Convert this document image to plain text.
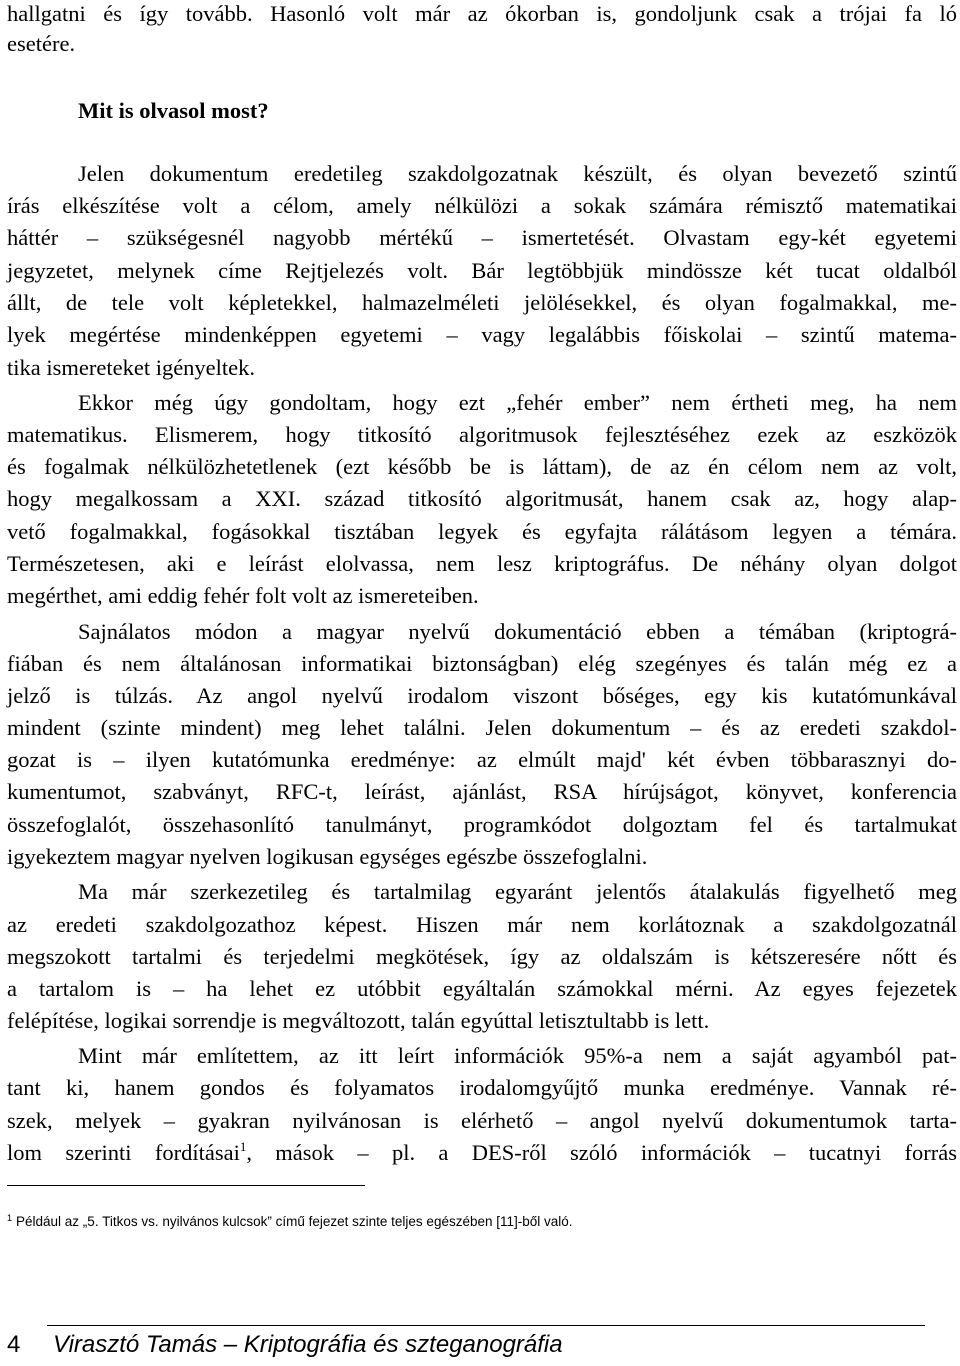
hallgatni és így tovább. Hasonló volt már az ókorban is, gondoljunk csak a trójai fa ló
esetére.
Mit is olvasol most?
Jelen dokumentum eredetileg szakdolgozatnak készült, és olyan bevezető szintű
írás elkészítése volt a célom, amely nélkülözi a sokak számára rémisztő matematikai
háttér – szükségesnél nagyobb mértékű – ismertetését. Olvastam egy-két egyetemi
jegyzetet, melynek címe Rejtjelezés volt. Bár legtöbbjük mindössze két tucat oldalból
állt, de tele volt képletekkel, halmazelméleti jelölésekkel, és olyan fogalmakkal, me-
lyek megértése mindenképpen egyetemi – vagy legalábbis főiskolai – szintű matema-
tika ismereteket igényeltek.
Ekkor még úgy gondoltam, hogy ezt „fehér ember” nem értheti meg, ha nem
matematikus. Elismerem, hogy titkosító algoritmusok fejlesztéséhez ezek az eszközök
és fogalmak nélkülözhetetlenek (ezt később be is láttam), de az én célom nem az volt,
hogy megalkossam a XXI. század titkosító algoritmusát, hanem csak az, hogy alap-
vető fogalmakkal, fogásokkal tisztában legyek és egyfajta rálátásom legyen a témára.
Természetesen, aki e leírást elolvassa, nem lesz kriptográfus. De néhány olyan dolgot
megérthet, ami eddig fehér folt volt az ismereteiben.
Sajnálatos módon a magyar nyelvű dokumentáció ebben a témában (kriptográ-
fiában és nem általánosan informatikai biztonságban) elég szegényes és talán még ez a
jelző is túlzás. Az angol nyelvű irodalom viszont bőséges, egy kis kutatómunkával
mindent (szinte mindent) meg lehet találni. Jelen dokumentum – és az eredeti szakdol-
gozat is – ilyen kutatómunka eredménye: az elmúlt majd' két évben többarasznyi do-
kumentumot, szabványt, RFC-t, leírást, ajánlást, RSA hírújságot, könyvet, konferencia
összefoglalót, összehasonlító tanulmányt, programkódot dolgoztam fel és tartalmukat
igyekeztem magyar nyelven logikusan egységes egészbe összefoglalni.
Ma már szerkezetileg és tartalmilag egyaránt jelentős átalakulás figyelhető meg
az eredeti szakdolgozathoz képest. Hiszen már nem korlátoznak a szakdolgozatnál
megszokott tartalmi és terjedelmi megkötések, így az oldalszám is kétszeresére nőtt és
a tartalom is – ha lehet ez utóbbit egyáltalán számokkal mérni. Az egyes fejezetek
felépítése, logikai sorrendje is megváltozott, talán egyúttal letisztultabb is lett.
Mint már említettem, az itt leírt információk 95%-a nem a saját agyamból pat-
tant ki, hanem gondos és folyamatos irodalomgyűjtő munka eredménye. Vannak ré-
szek, melyek – gyakran nyilvánosan is elérhető – angol nyelvű dokumentumok tarta-
lom szerinti fordításai$^1$, mások – pl. a DES-ről szóló információk – tucatnyi forrás
$^1$ Például az „5. Titkos vs. nyilvános kulcsok” című fejezet szinte teljes egészében [11]-ből való.
4 Virasztó Tamás – Kriptográfia és szteganográfia
